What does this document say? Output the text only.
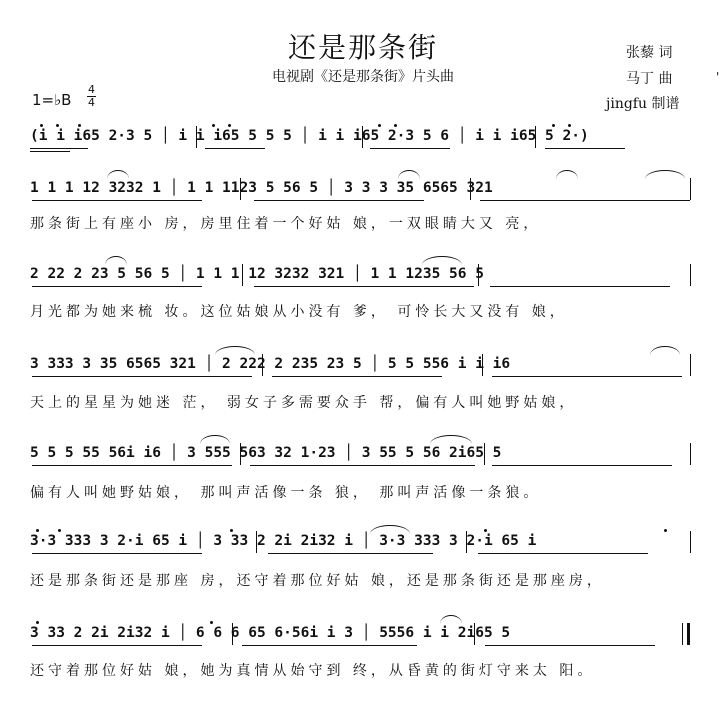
还是那条街
电视剧《还是那条街》片头曲
张藜 词
马丁 曲
jingfu 制谱
'
1=♭B
4
4
(i i i65 2·3 5 │ i i i65 5 5 5 │ i i i65 2·3 5 6 │ i i i65 5 2·)
1 1 1 12 3232 1 │ 1 1 1123 5 56 5 │ 3 3 3 35 6565 321
那条街上有座小 房，房里住着一个好姑 娘，一双眼睛大又 亮，
2 22 2 23 5 56 5 │ 1 1 1 12 3232 321 │ 1 1 1235 56 5
月光都为她来梳 妆。这位姑娘从小没有 爹， 可怜长大又没有 娘，
3 333 3 35 6565 321 │ 2 222 2 235 23 5 │ 5 5 556 i i i6
天上的星星为她迷 茫， 弱女子多需要众手 帮，偏有人叫她野姑娘，
5 5 5 55 56i i6 │ 3 555 563 32 1·23 │ 3 55 5 56 2i65 5
偏有人叫她野姑娘， 那叫声活像一条 狼， 那叫声活像一条狼。
3·3 333 3 2·i 65 i │ 3 33 2 2i 2i32 i │ 3·3 333 3 2·i 65 i
还是那条街还是那座 房，还守着那位好姑 娘，还是那条街还是那座房，
3 33 2 2i 2i32 i │ 6 6 6 65 6·56i i 3 │ 5556 i i 2i65 5
还守着那位好姑 娘，她为真情从始守到 终，从昏黄的街灯守来太 阳。
